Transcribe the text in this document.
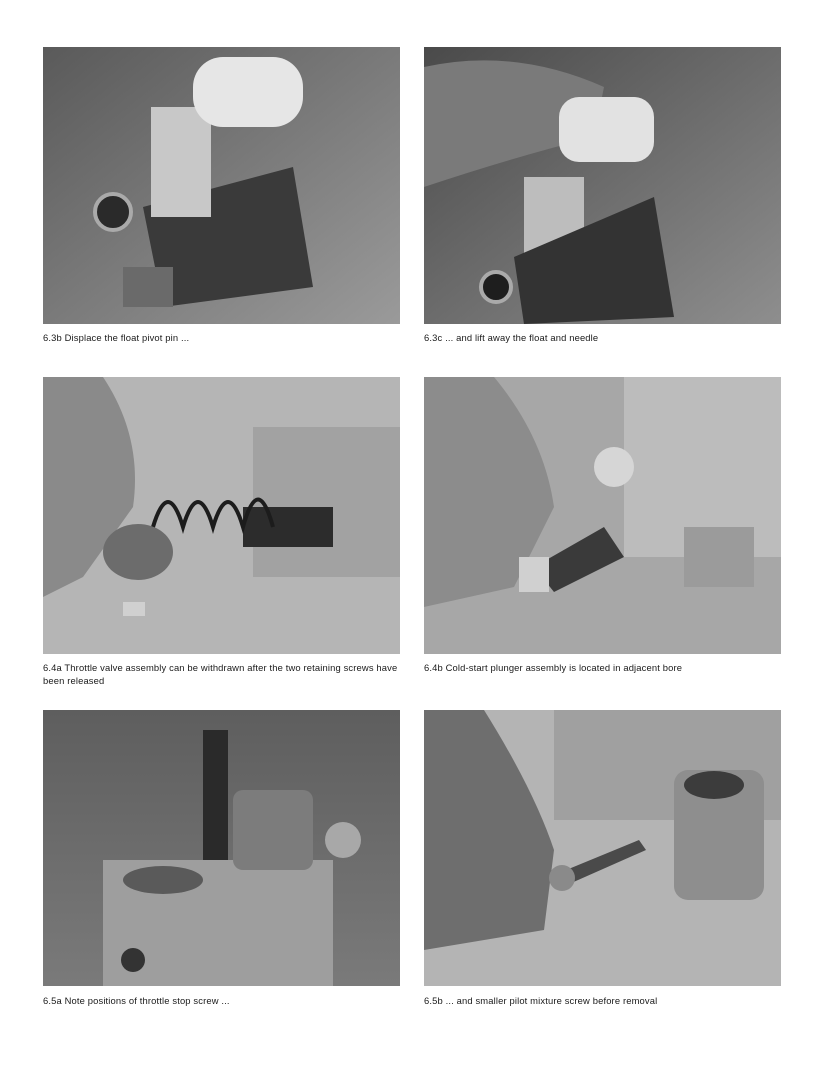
6.3b Displace the float pivot pin ...	6.3c ... and lift away the float and needle
6.4a Throttle valve assembly can be withdrawn after the two retaining screws have been released
6.4b Cold-start plunger assembly is located in adjacent bore
6.5a Note positions of throttle stop screw ...	6.5b ... and smaller pilot mixture screw before removal
